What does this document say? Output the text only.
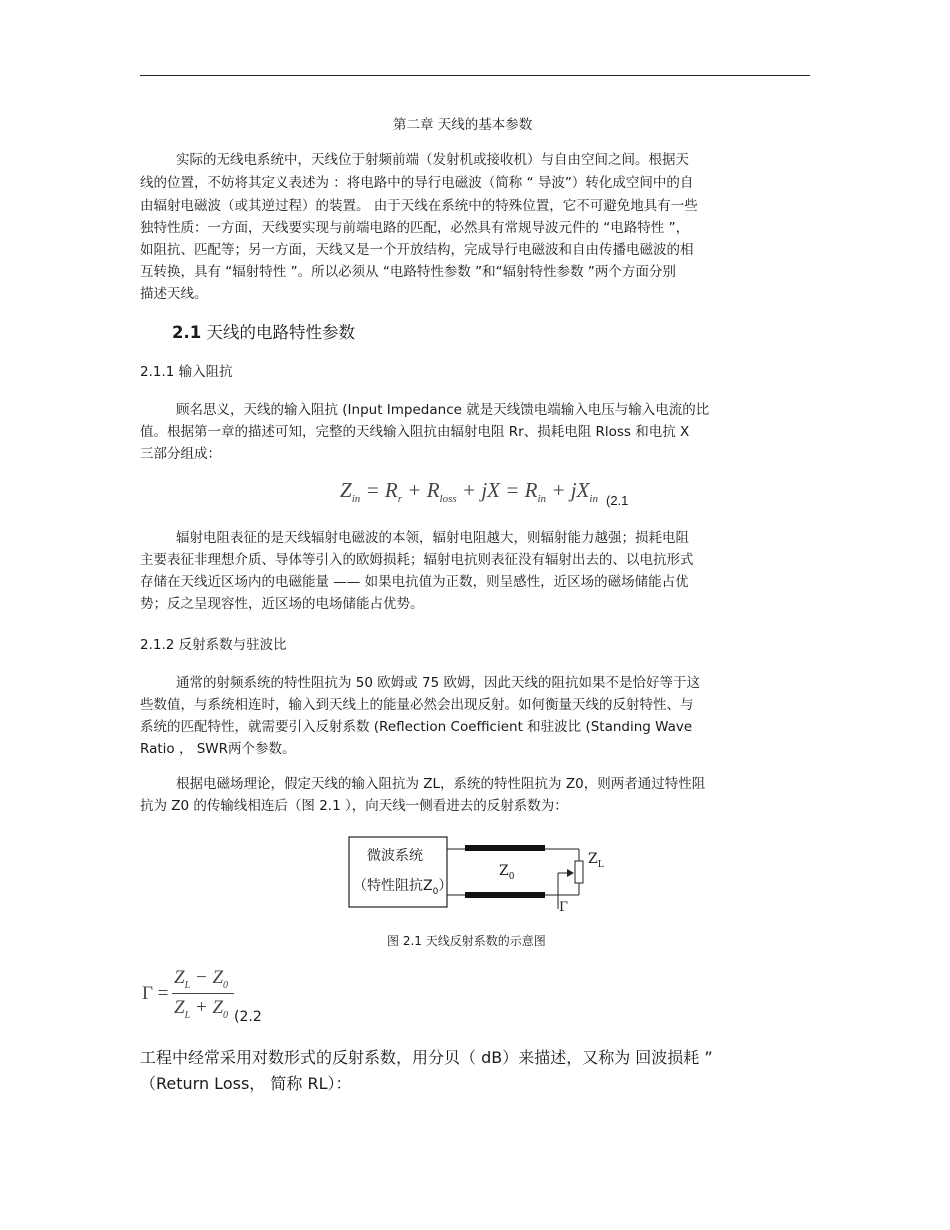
第二章 天线的基本参数
实际的无线电系统中，天线位于射频前端（发射机或接收机）与自由空间之间。根据天
线的位置，不妨将其定义表述为 ：将电路中的导行电磁波（简称 “ 导波”）转化成空间中的自
由辐射电磁波（或其逆过程）的装置。 由于天线在系统中的特殊位置，它不可避免地具有一些
独特性质：一方面，天线要实现与前端电路的匹配，必然具有常规导波元件的 “电路特性 ”，
如阻抗、匹配等；另一方面，天线又是一个开放结构，完成导行电磁波和自由传播电磁波的相
互转换，具有 “辐射特性 ”。所以必须从 “电路特性参数 ”和“辐射特性参数 ”两个方面分别
描述天线。
2.1 天线的电路特性参数
2.1.1 输入阻抗
顾名思义，天线的输入阻抗 (Input Impedance 就是天线馈电端输入电压与输入电流的比
值。根据第一章的描述可知，完整的天线输入阻抗由辐射电阻 Rr、损耗电阻 Rloss 和电抗 X
三部分组成：
$Z_{in} = R_r + R_{loss}$ + jX = $R_{in} + jX_{in}$ (2.1
辐射电阻表征的是天线辐射电磁波的本领，辐射电阻越大，则辐射能力越强；损耗电阻
主要表征非理想介质、导体等引入的欧姆损耗；辐射电抗则表征没有辐射出去的、以电抗形式
存储在天线近区场内的电磁能量 —— 如果电抗值为正数，则呈感性，近区场的磁场储能占优
势；反之呈现容性，近区场的电场储能占优势。
2.1.2 反射系数与驻波比
通常的射频系统的特性阻抗为 50 欧姆或 75 欧姆，因此天线的阻抗如果不是恰好等于这
些数值，与系统相连时，输入到天线上的能量必然会出现反射。如何衡量天线的反射特性、与
系统的匹配特性，就需要引入反射系数 (Reflection Coefficient 和驻波比 (Standing Wave
Ratio ， SWR两个参数。
根据电磁场理论，假定天线的输入阻抗为 ZL，系统的特性阻抗为 Z0，则两者通过特性阻
抗为 Z0 的传输线相连后（图 2.1 ），向天线一侧看进去的反射系数为：
微波系统
（特性阻抗$Z_0$）
$Z_0$
$Z_L$
Γ
图 2.1 天线反射系数的示意图
Γ =
$Z_L - Z_0$
$Z_L + Z_0$ (2.2
工程中经常采用对数形式的反射系数，用分贝（ dB）来描述，又称为 回波损耗 ”
（Return Loss， 简称 RL）：
